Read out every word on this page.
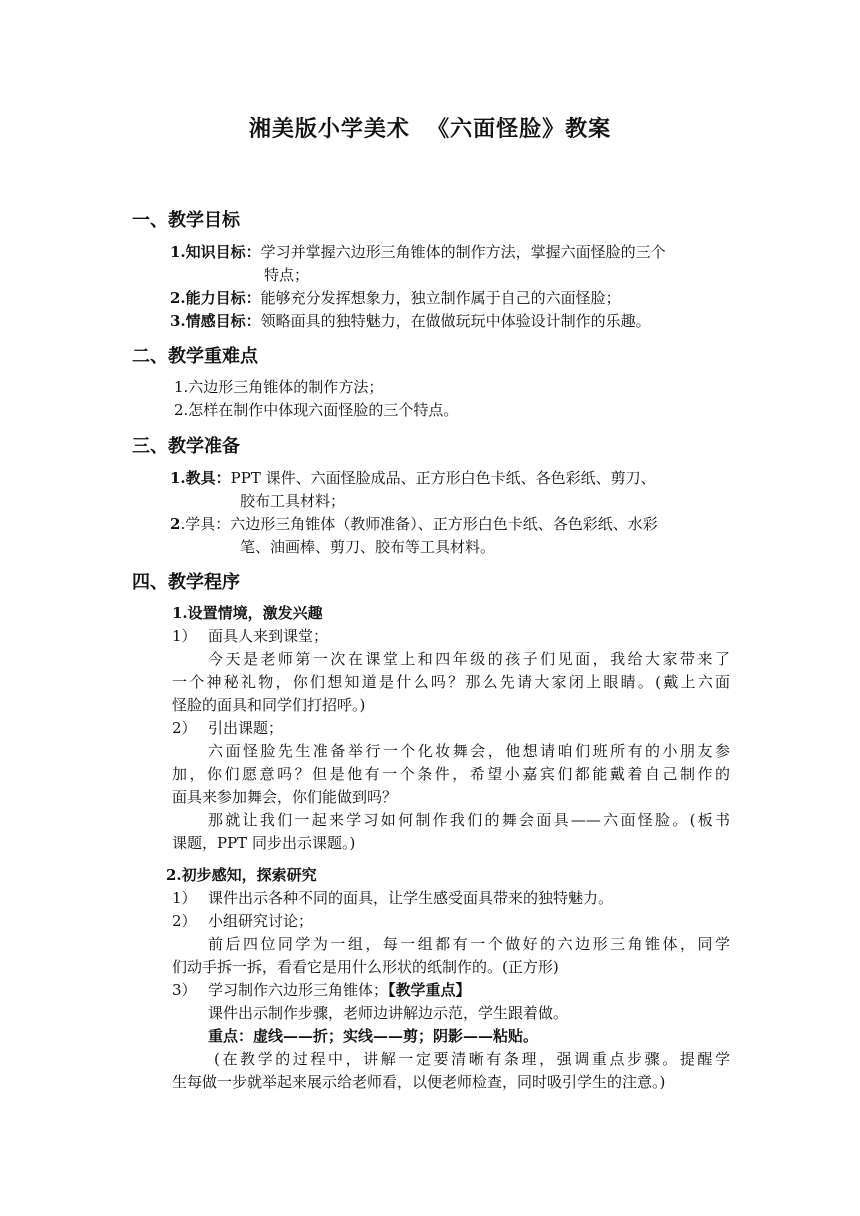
湘美版小学美术  《六面怪脸》教案
一、教学目标
1.知识目标：学习并掌握六边形三角锥体的制作方法，掌握六面怪脸的三个
特点；
2.能力目标：能够充分发挥想象力，独立制作属于自己的六面怪脸；
3.情感目标：领略面具的独特魅力，在做做玩玩中体验设计制作的乐趣。
二、教学重难点
1.六边形三角锥体的制作方法；
2.怎样在制作中体现六面怪脸的三个特点。
三、教学准备
1.教具：PPT 课件、六面怪脸成品、正方形白色卡纸、各色彩纸、剪刀、
胶布工具材料；
2.学具：六边形三角锥体（教师准备）、正方形白色卡纸、各色彩纸、水彩
笔、油画棒、剪刀、胶布等工具材料。
四、教学程序
1.设置情境，激发兴趣
1） 面具人来到课堂；
今天是老师第一次在课堂上和四年级的孩子们见面，我给大家带来了
一个神秘礼物，你们想知道是什么吗？那么先请大家闭上眼睛。(戴上六面
怪脸的面具和同学们打招呼。)
2） 引出课题；
六面怪脸先生准备举行一个化妆舞会，他想请咱们班所有的小朋友参
加，你们愿意吗？但是他有一个条件，希望小嘉宾们都能戴着自己制作的
面具来参加舞会，你们能做到吗？
那就让我们一起来学习如何制作我们的舞会面具——六面怪脸。(板书
课题，PPT 同步出示课题。)
2.初步感知，探索研究
1） 课件出示各种不同的面具，让学生感受面具带来的独特魅力。
2） 小组研究讨论；
前后四位同学为一组，每一组都有一个做好的六边形三角锥体，同学
们动手拆一拆，看看它是用什么形状的纸制作的。(正方形)
3） 学习制作六边形三角锥体；【教学重点】
课件出示制作步骤，老师边讲解边示范，学生跟着做。
重点：虚线——折；实线——剪；阴影——粘贴。
(在教学的过程中，讲解一定要清晰有条理，强调重点步骤。提醒学
生每做一步就举起来展示给老师看，以便老师检查，同时吸引学生的注意。)
